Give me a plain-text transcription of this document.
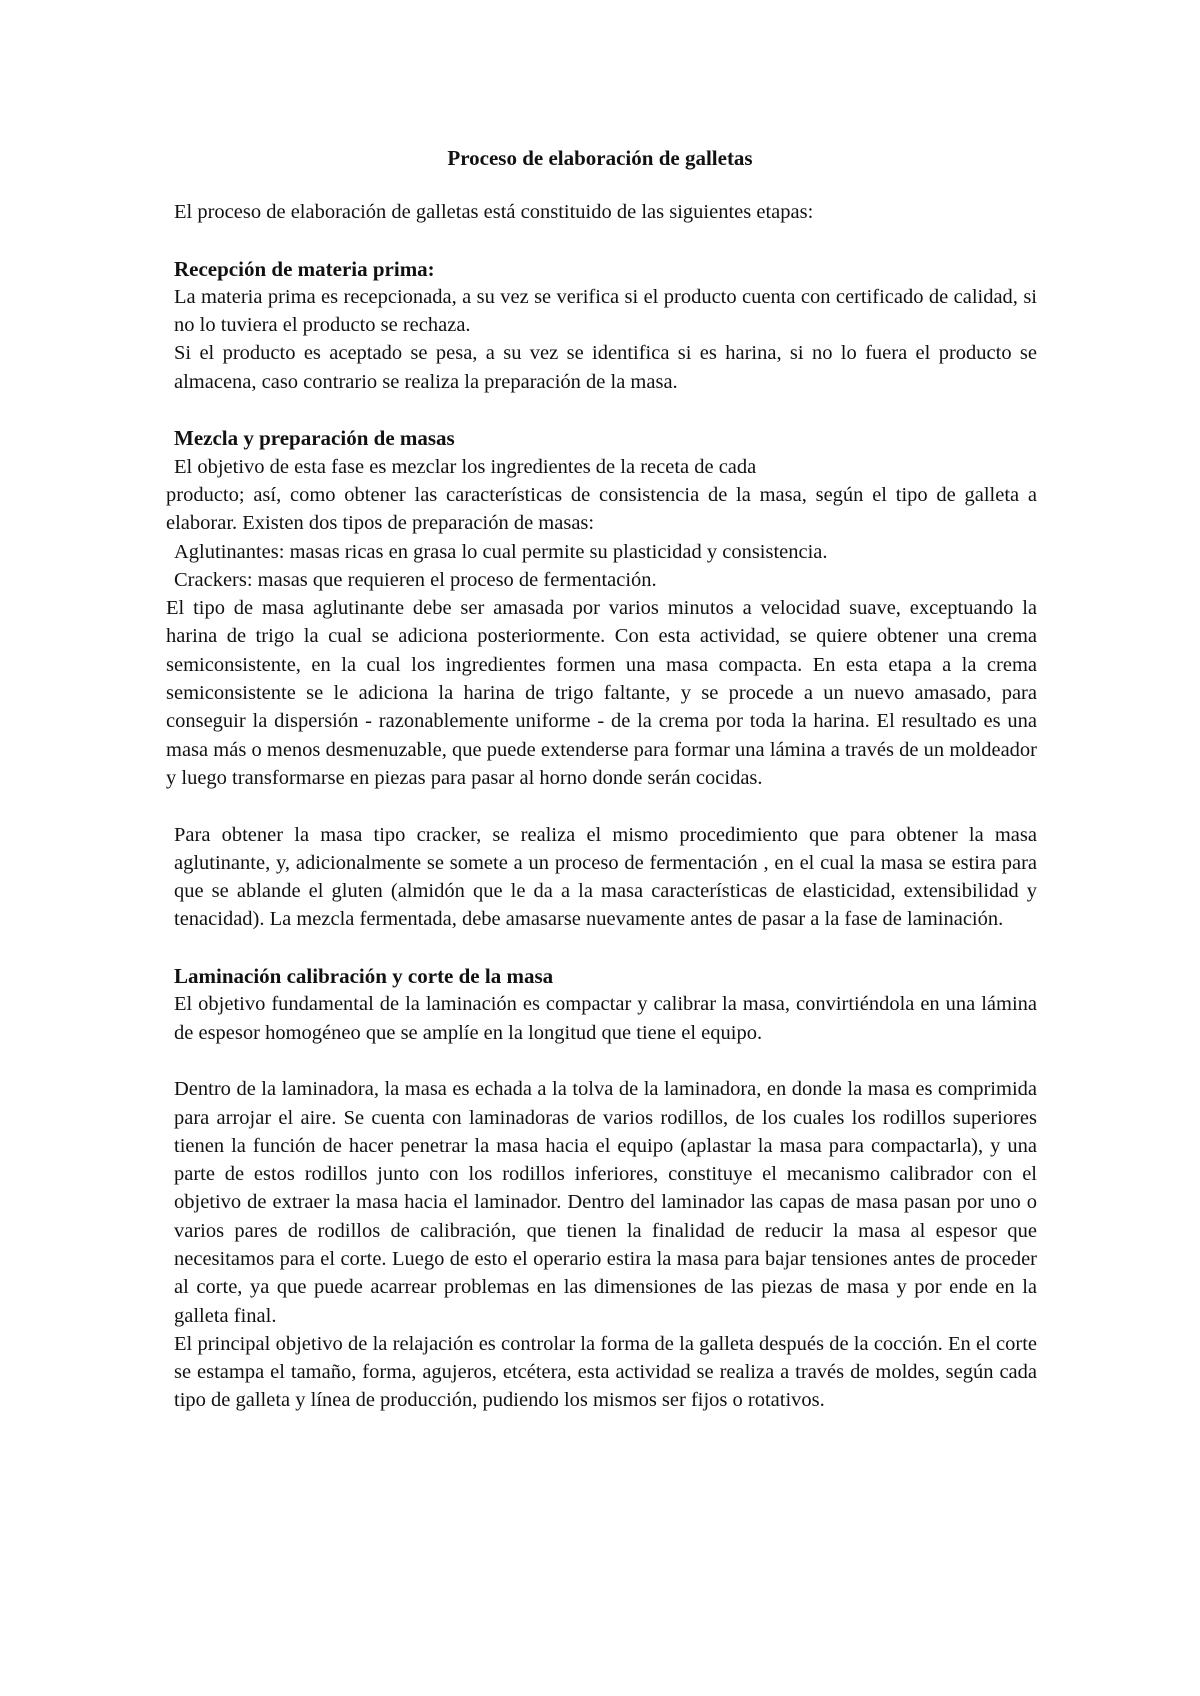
Proceso de elaboración de galletas

El proceso de elaboración de galletas está constituido de las siguientes etapas:

Recepción de materia prima:

La materia prima es recepcionada, a su vez se verifica si el producto cuenta con certificado de calidad, si no lo tuviera el producto se rechaza.

Si el producto es aceptado se pesa, a su vez se identifica si es harina, si no lo fuera el producto se almacena, caso contrario se realiza la preparación de la masa.

Mezcla y preparación de masas

El objetivo de esta fase es mezclar los ingredientes de la receta de cada

producto; así, como obtener las características de consistencia de la masa, según el tipo de galleta a elaborar. Existen dos tipos de preparación de masas:

Aglutinantes: masas ricas en grasa lo cual permite su plasticidad y consistencia.

Crackers: masas que requieren el proceso de fermentación.

El tipo de masa aglutinante debe ser amasada por varios minutos a velocidad suave, exceptuando la harina de trigo la cual se adiciona posteriormente. Con esta actividad, se quiere obtener una crema semiconsistente, en la cual los ingredientes formen una masa compacta. En esta etapa a la crema semiconsistente se le adiciona la harina de trigo faltante, y se procede a un nuevo amasado, para conseguir la dispersión - razonablemente uniforme - de la crema por toda la harina. El resultado es una masa más o menos desmenuzable, que puede extenderse para formar una lámina a través de un moldeador y luego transformarse en piezas para pasar al horno donde serán cocidas.

Para obtener la masa tipo cracker, se realiza el mismo procedimiento que para obtener la masa aglutinante, y, adicionalmente se somete a un proceso de fermentación , en el cual la masa se estira para que se ablande el gluten (almidón que le da a la masa características de elasticidad, extensibilidad y tenacidad). La mezcla fermentada, debe amasarse nuevamente antes de pasar a la fase de laminación.

Laminación calibración y corte de la masa

El objetivo fundamental de la laminación es compactar y calibrar la masa, convirtiéndola en una lámina de espesor homogéneo que se amplíe en la longitud que tiene el equipo.

Dentro de la laminadora, la masa es echada a la tolva de la laminadora, en donde la masa es comprimida para arrojar el aire. Se cuenta con laminadoras de varios rodillos, de los cuales los rodillos superiores tienen la función de hacer penetrar la masa hacia el equipo (aplastar la masa para compactarla), y una parte de estos rodillos junto con los rodillos inferiores, constituye el mecanismo calibrador con el objetivo de extraer la masa hacia el laminador. Dentro del laminador las capas de masa pasan por uno o varios pares de rodillos de calibración, que tienen la finalidad de reducir la masa al espesor que necesitamos para el corte. Luego de esto el operario estira la masa para bajar tensiones antes de proceder al corte, ya que puede acarrear problemas en las dimensiones de las piezas de masa y por ende en la galleta final.

El principal objetivo de la relajación es controlar la forma de la galleta después de la cocción. En el corte se estampa el tamaño, forma, agujeros, etcétera, esta actividad se realiza a través de moldes, según cada tipo de galleta y línea de producción, pudiendo los mismos ser fijos o rotativos.
